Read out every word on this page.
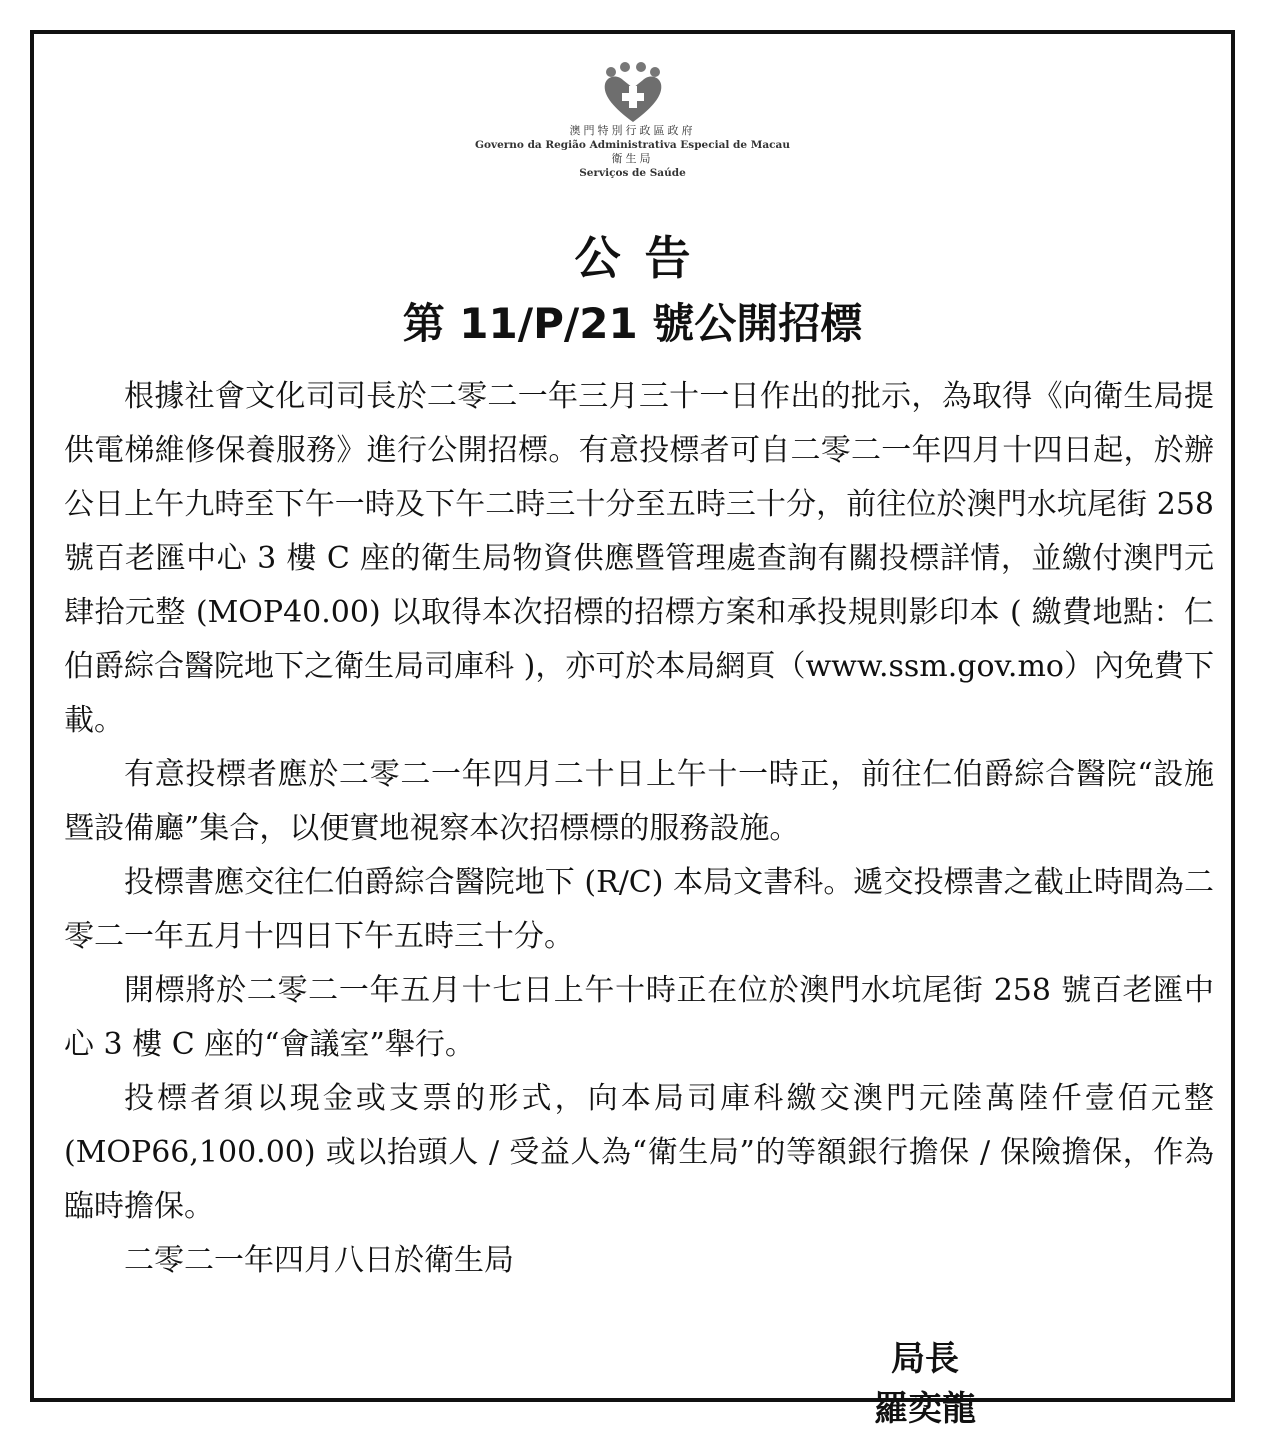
澳門特別行政區政府
Governo da Região Administrativa Especial de Macau
衛生局
Serviços de Saúde
公告
第 11/P/21 號公開招標

根據社會文化司司長於二零二一年三月三十一日作出的批示，為取得《向衛生局提供電梯維修保養服務》進行公開招標。有意投標者可自二零二一年四月十四日起，於辦公日上午九時至下午一時及下午二時三十分至五時三十分，前往位於澳門水坑尾街 258 號百老匯中心 3 樓 C 座的衛生局物資供應暨管理處查詢有關投標詳情，並繳付澳門元肆拾元整 (MOP40.00) 以取得本次招標的招標方案和承投規則影印本 ( 繳費地點：仁伯爵綜合醫院地下之衛生局司庫科 )，亦可於本局網頁（www.ssm.gov.mo）內免費下載。

有意投標者應於二零二一年四月二十日上午十一時正，前往仁伯爵綜合醫院“設施暨設備廳”集合，以便實地視察本次招標標的服務設施。

投標書應交往仁伯爵綜合醫院地下 (R/C) 本局文書科。遞交投標書之截止時間為二零二一年五月十四日下午五時三十分。

開標將於二零二一年五月十七日上午十時正在位於澳門水坑尾街 258 號百老匯中心 3 樓 C 座的“會議室”舉行。

投標者須以現金或支票的形式，向本局司庫科繳交澳門元陸萬陸仟壹佰元整 (MOP66,100.00) 或以抬頭人 / 受益人為“衛生局”的等額銀行擔保 / 保險擔保，作為臨時擔保。

二零二一年四月八日於衛生局

局長
羅奕龍
